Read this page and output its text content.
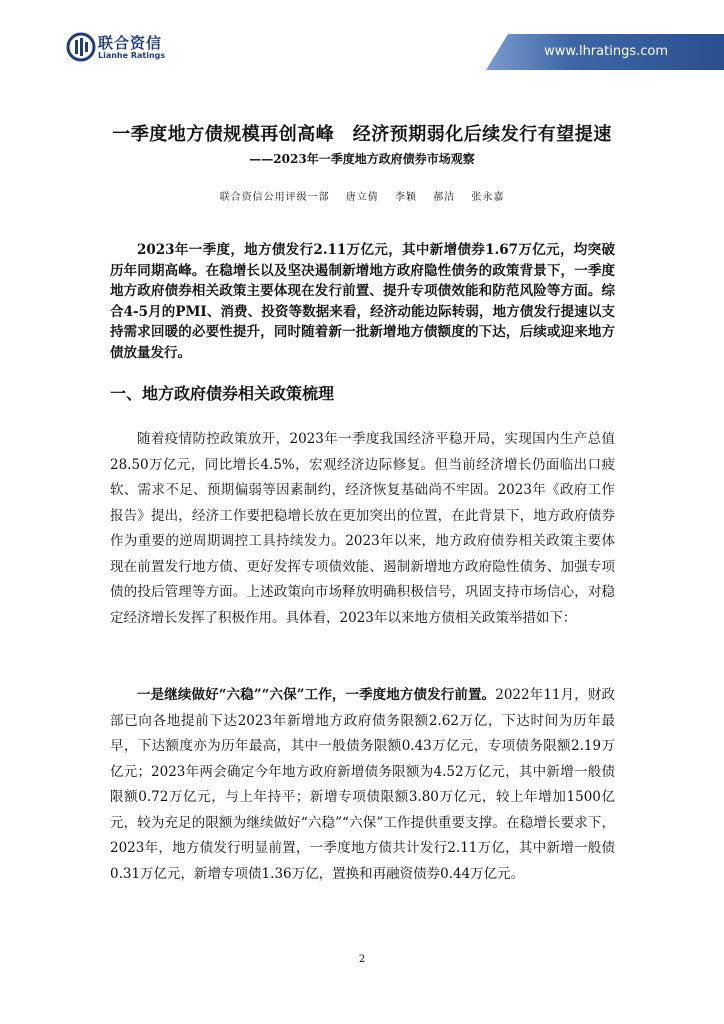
联合资信
Lianhe Ratings	www.lhratings.com
一季度地方债规模再创高峰　经济预期弱化后续发行有望提速
——2023年一季度地方政府债券市场观察
联合资信公用评级一部 唐立倩 李颖 郝洁 张永嘉

2023年一季度，地方债发行2.11万亿元，其中新增债券1.67万亿元，均突破历年同期高峰。在稳增长以及坚决遏制新增地方政府隐性债务的政策背景下，一季度地方政府债券相关政策主要体现在发行前置、提升专项债效能和防范风险等方面。综合4-5月的PMI、消费、投资等数据来看，经济动能边际转弱，地方债发行提速以支持需求回暖的必要性提升，同时随着新一批新增地方债额度的下达，后续或迎来地方债放量发行。

一、地方政府债券相关政策梳理

随着疫情防控政策放开，2023年一季度我国经济平稳开局，实现国内生产总值28.50万亿元，同比增长4.5%，宏观经济边际修复。但当前经济增长仍面临出口疲软、需求不足、预期偏弱等因素制约，经济恢复基础尚不牢固。2023年《政府工作报告》提出，经济工作要把稳增长放在更加突出的位置，在此背景下，地方政府债券作为重要的逆周期调控工具持续发力。2023年以来，地方政府债券相关政策主要体现在前置发行地方债、更好发挥专项债效能、遏制新增地方政府隐性债务、加强专项债的投后管理等方面。上述政策向市场释放明确积极信号，巩固支持市场信心，对稳定经济增长发挥了积极作用。具体看，2023年以来地方债相关政策举措如下：

一是继续做好“六稳”“六保”工作，一季度地方债发行前置。2022年11月，财政部已向各地提前下达2023年新增地方政府债务限额2.62万亿，下达时间为历年最早，下达额度亦为历年最高，其中一般债务限额0.43万亿元，专项债务限额2.19万亿元；2023年两会确定今年地方政府新增债务限额为4.52万亿元，其中新增一般债限额0.72万亿元，与上年持平；新增专项债限额3.80万亿元，较上年增加1500亿元，较为充足的限额为继续做好“六稳”“六保”工作提供重要支撑。在稳增长要求下，2023年，地方债发行明显前置，一季度地方债共计发行2.11万亿，其中新增一般债0.31万亿元，新增专项债1.36万亿，置换和再融资债券0.44万亿元。

2
